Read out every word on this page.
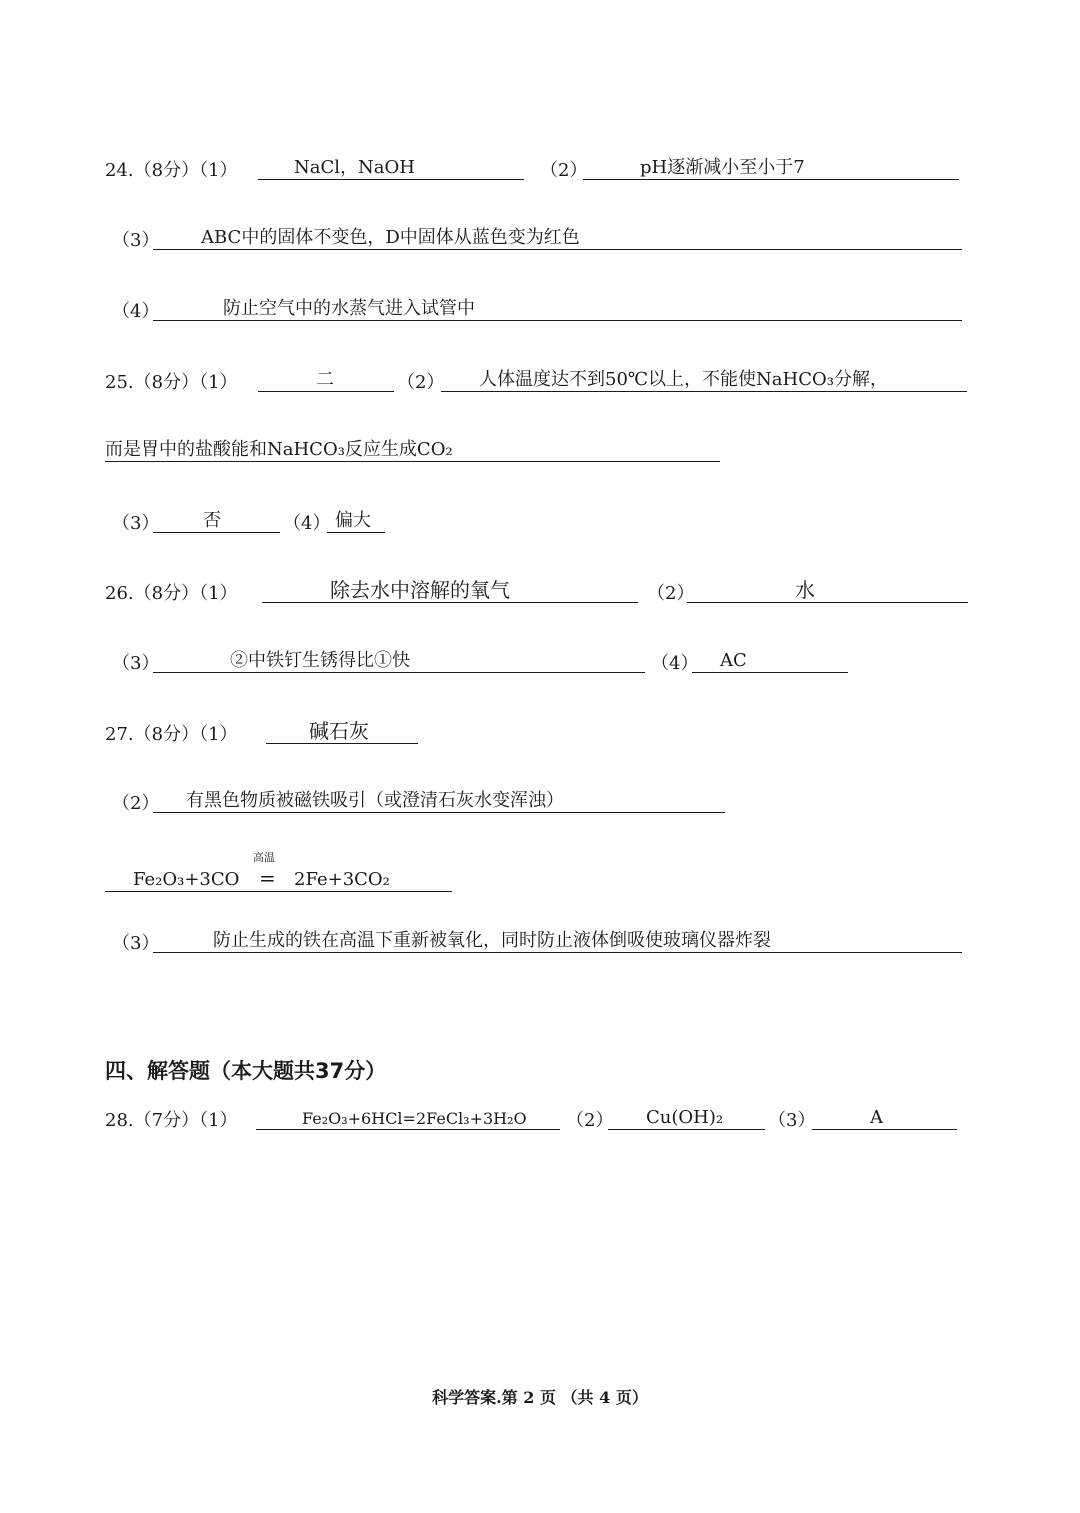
24.（8分）（1）	NaCl，NaOH	（2）	pH逐渐减小至小于7
（3） ABC中的固体不变色，D中固体从蓝色变为红色
（4）	防止空气中的水蒸气进入试管中
25.（8分）（1）	二	（2） 人体温度达不到50℃以上，不能使NaHCO₃分解，
而是胃中的盐酸能和NaHCO₃反应生成CO₂
（3） 否	（4） 偏大
26.（8分）（1）	除去水中溶解的氧气	（2）	水
（3）	②中铁钉生锈得比①快	（4） AC
27.（8分）（1）	碱石灰
（2） 有黑色物质被磁铁吸引（或澄清石灰水变浑浊）
Fe₂O₃+3CO	2Fe+3CO₂
高温
=
（3）	防止生成的铁在高温下重新被氧化，同时防止液体倒吸使玻璃仪器炸裂
四、解答题（本大题共37分）
28.（7分）（1）	Fe₂O₃+6HCl=2FeCl₃+3H₂O （2） Cu(OH)₂ （3）	A
科学答案.第 2 页 （共 4 页）
